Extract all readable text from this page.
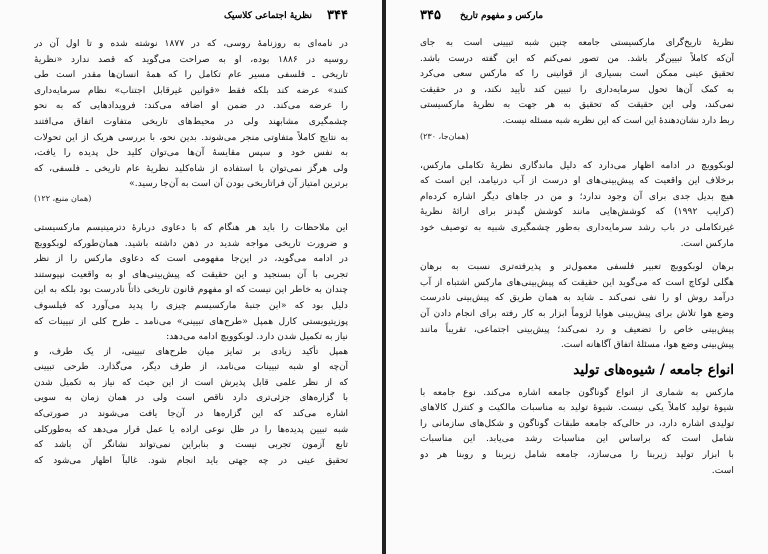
۳۴۴
نظریهٔ اجتماعی کلاسیک

در نامه‌ای به روزنامهٔ روسی، که در ۱۸۷۷ نوشته شده و تا اول آن در

روسیه در ۱۸۸۶ بوده، او به صراحت می‌گوید که قصد ندارد «نظریهٔ

تاریخی ـ فلسفی مسیر عام تکامل را که همهٔ انسان‌ها مقدر است طی

کنند» عرضه کند بلکه فقط «قوانین غیرقابل اجتناب» نظام سرمایه‌داری

را عرضه می‌کند. در ضمن او اضافه می‌کند: فرویدادهایی که به نحو

چشمگیری مشابهند ولی در محیط‌های تاریخی متفاوت اتفاق می‌افتند

به نتایج کاملاً متفاوتی منجر می‌شوند. بدین نحو، با بررسی هریک از این تحولات

به نفس خود و سپس مقایسهٔ آن‌ها می‌توان کلید حل پدیده را یافت،

ولی هرگز نمی‌توان با استفاده از شاه‌کلید نظریهٔ عام تاریخی ـ فلسفی، که

برترین امتیاز آن فراتاریخی بودن آن است به آن‌جا رسید.»

(همان منبع، ۱۲۲)

این ملاحظات را باید هر هنگام که با دعاوی دربارهٔ دترمینیسم مارکسیستی

و ضرورت تاریخی مواجه شدید در ذهن داشته باشید. همان‌طورکه لوبکوویچ

در ادامه می‌گوید، در این‌جا مفهومی است که دعاوی مارکس را از نظر

تجربی با آن بسنجید و این حقیقت که پیش‌بینی‌های او به واقعیت نپیوستند

چندان به خاطر این نیست که او مفهوم قانون تاریخی ذاتاً نادرست بود بلکه به این

دلیل بود که «این جنبهٔ مارکسیسم چیزی را پدید می‌آورد که فیلسوف

پوزیتیویستی کارل همپل «طرح‌های تبیینی» می‌نامد ـ طرح کلی از تبیینات که

نیاز به تکمیل شدن دارد. لوبکوویچ ادامه می‌دهد:

همپل تأکید زیادی بر تمایز میان طرح‌های تبیینی، از یک طرف، و

آن‌چه او شبه تبیینات می‌نامد، از طرف دیگر، می‌گذارد. طرحی تبیینی

که از نظر علمی قابل پذیرش است از این حیث که نیاز به تکمیل شدن

با گزاره‌های جزئی‌تری دارد ناقص است ولی در همان زمان به سویی

اشاره می‌کند که این گزاره‌ها در آن‌جا یافت می‌شوند در صورتی‌که

شبه تبیین پدیده‌ها را در ظل نوعی اراده یا عمل قرار می‌دهد که به‌طورکلی

تابع آزمون تجربی نیست و بنابراین نمی‌تواند نشانگر آن باشد که

تحقیق عینی در چه جهتی باید انجام شود. غالباً اظهار می‌شود که

۳۴۵ مارکس و مفهوم تاریخ

نظریهٔ تاریخ‌گرای مارکسیستی جامعه چنین شبه تبیینی است به جای

آن‌که کاملاً تبیین‌گر باشد. من تصور نمی‌کنم که این گفته درست باشد.

تحقیق عینی ممکن است بسیاری از قوانینی را که مارکس سعی می‌کرد

به کمک آن‌ها تحول سرمایه‌داری را تبیین کند تأیید نکند، و در حقیقت

نمی‌کند، ولی این حقیقت که تحقیق به هر جهت به نظریهٔ مارکسیستی

ربط دارد نشان‌دهندهٔ این است که این نظریه شبه مسئله نیست.

(همان‌جا، ۲۳۰)

لوبکوویچ در ادامه اظهار می‌دارد که دلیل ماندگاری نظریهٔ تکاملی مارکس،

برخلاف این واقعیت که پیش‌بینی‌های او درست از آب درنیامد، این است که

هیچ بدیل جدی برای آن وجود ندارد؛ و من در جاهای دیگر اشاره کرده‌ام

(کرایب ۱۹۹۲) که کوشش‌هایی مانند کوشش گیدنز برای ارائهٔ نظریهٔ

غیرتکاملی در باب رشد سرمایه‌داری به‌طور چشمگیری شبیه به توصیف خود

مارکس است.

برهان لوبکوویچ تعبیر فلسفی معمول‌تر و پذیرفته‌تری نسبت به برهان

هگلی لوکاچ است که می‌گوید این حقیقت که پیش‌بینی‌های مارکس اشتباه از آب

درآمد روش او را نفی نمی‌کند ـ شاید به همان طریق که پیش‌بینی نادرست

وضع هوا تلاش برای پیش‌بینی هوایا لزوماً ابزار به کار رفته برای انجام دادن آن

پیش‌بینی خاص را تضعیف و رد نمی‌کند؛ پیش‌بینی اجتماعی، تقریباً مانند

پیش‌بینی وضع هوا، مسئلهٔ اتفاق آگاهانه است.

انواع جامعه / شیوه‌های تولید

مارکس به شماری از انواع گوناگون جامعه اشاره می‌کند. نوع جامعه با

شیوهٔ تولید کاملاً یکی نیست. شیوهٔ تولید به مناسبات مالکیت و کنترل کالاهای

تولیدی اشاره دارد، در حالی‌که جامعه طبقات گوناگون و شکل‌های سازمانی را

شامل است که براساس این مناسبات رشد می‌یابد. این مناسبات

با ابزار تولید زیربنا را می‌سازد، جامعه شامل زیربنا و روبنا هر دو

است.
